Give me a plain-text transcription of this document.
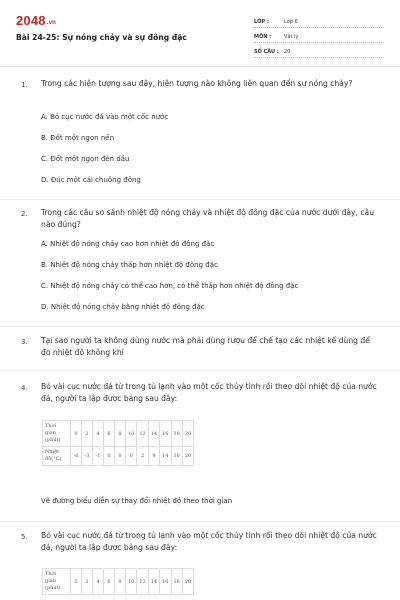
2048.vn
Bài 24-25: Sự nóng chảy và sự đông đặc
LỚP :	Lớp 6
MÔN :	Vật lý
SỐ CÂU :	20
1. Trong các hiện tượng sau đây, hiện tượng nào không liên quan đến sự nóng chảy?
A. Bỏ cục nước đá vào một cốc nước
B. Đốt một ngọn nến
C. Đốt một ngọn đèn dầu
D. Đúc một cái chuông đồng
2. Trong các câu so sánh nhiệt độ nóng chảy và nhiệt độ đông đặc của nước dưới đây, câu nào đúng?
A. Nhiệt độ nóng chảy cao hơn nhiệt độ đông đặc
B. Nhiệt độ nóng chảy thấp hơn nhiệt độ đông đặc
C. Nhiệt độ nóng chảy có thể cao hơn, có thể thấp hơn nhiệt độ đông đặc
D. Nhiệt độ nóng chảy bằng nhiệt độ đông đặc
3. Tại sao người ta không dùng nước mà phải dùng rượu để chế tạo các nhiệt kế dùng để đo nhiệt độ không khí
4. Bỏ vài cục nước đá từ trong tủ lạnh vào một cốc thủy tinh rồi theo dõi nhiệt độ của nước đá, người ta lập được bảng sau đây:
Thời
gian
(phút)	0	2	4	6	8	10	12	14	16	18	20
Nhiệt
độ(°C)	-6	-3	-1	0	0	0	2	9	14	18	20
Vẽ đường biểu diễn sự thay đổi nhiệt độ theo thời gian
5. Bỏ vài cục nước đá từ trong tủ lạnh vào một cốc thủy tinh rồi theo dõi nhiệt độ của nước đá, người ta lập được bảng sau đây:
Thời
gian
(phút)	0	2	4	6	8	10	12	14	16	18	20
